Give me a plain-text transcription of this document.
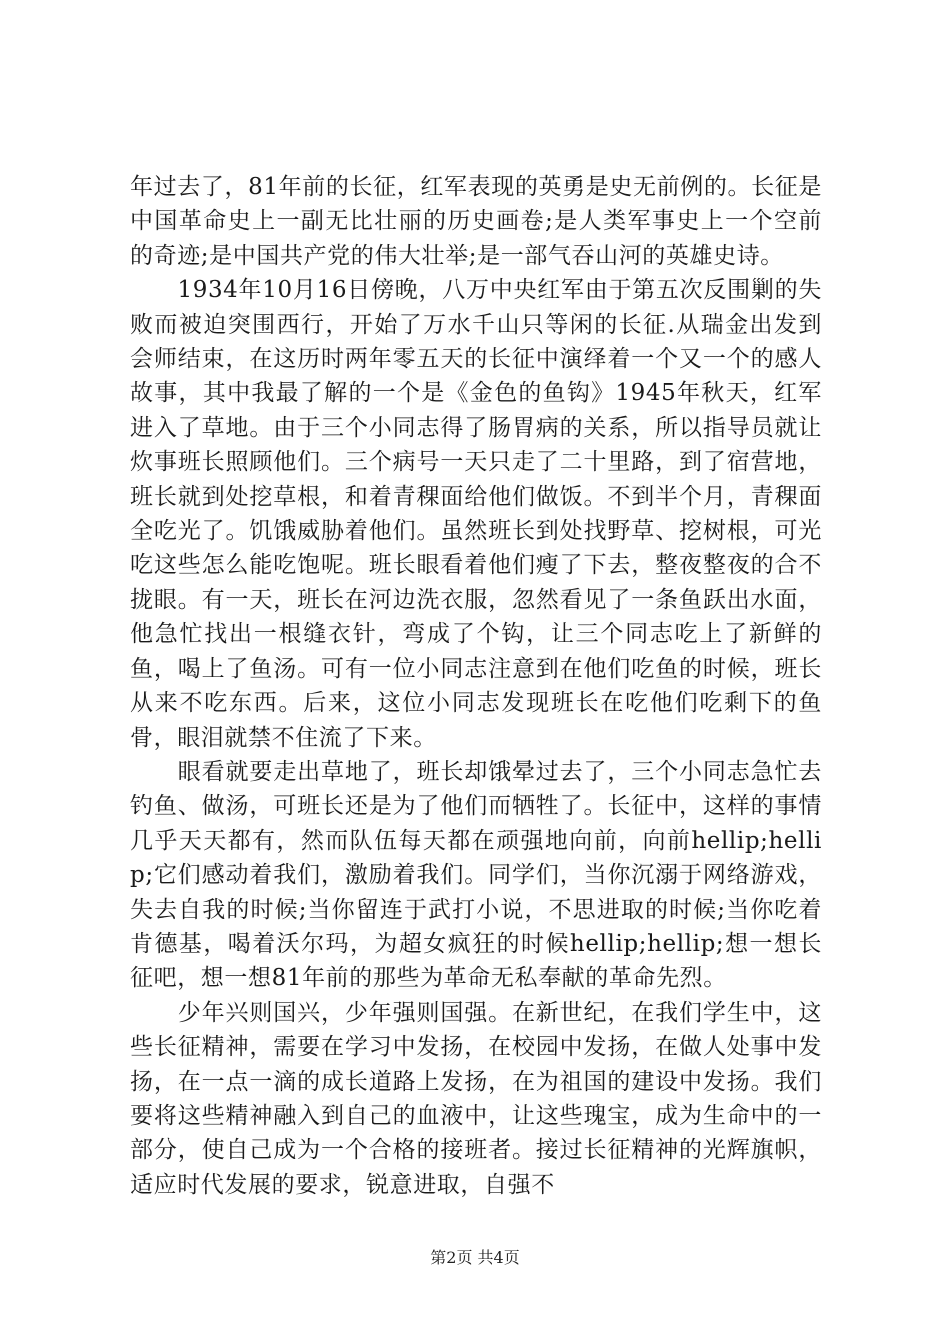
年过去了，81年前的长征，红军表现的英勇是史无前例的。长征是中国革命史上一副无比壮丽的历史画卷;是人类军事史上一个空前的奇迹;是中国共产党的伟大壮举;是一部气吞山河的英雄史诗。

　　1934年10月16日傍晚，八万中央红军由于第五次反围剿的失败而被迫突围西行，开始了万水千山只等闲的长征.从瑞金出发到会师结束，在这历时两年零五天的长征中演绎着一个又一个的感人故事，其中我最了解的一个是《金色的鱼钩》1945年秋天，红军进入了草地。由于三个小同志得了肠胃病的关系，所以指导员就让炊事班长照顾他们。三个病号一天只走了二十里路，到了宿营地，班长就到处挖草根，和着青稞面给他们做饭。不到半个月，青稞面全吃光了。饥饿威胁着他们。虽然班长到处找野草、挖树根，可光吃这些怎么能吃饱呢。班长眼看着他们瘦了下去，整夜整夜的合不拢眼。有一天，班长在河边洗衣服，忽然看见了一条鱼跃出水面，他急忙找出一根缝衣针，弯成了个钩，让三个同志吃上了新鲜的鱼，喝上了鱼汤。可有一位小同志注意到在他们吃鱼的时候，班长从来不吃东西。后来，这位小同志发现班长在吃他们吃剩下的鱼骨，眼泪就禁不住流了下来。

　　眼看就要走出草地了，班长却饿晕过去了，三个小同志急忙去钓鱼、做汤，可班长还是为了他们而牺牲了。长征中，这样的事情几乎天天都有，然而队伍每天都在顽强地向前，向前hellip;hellip;它们感动着我们，激励着我们。同学们，当你沉溺于网络游戏，失去自我的时候;当你留连于武打小说，不思进取的时候;当你吃着肯德基，喝着沃尔玛，为超女疯狂的时候hellip;hellip;想一想长征吧，想一想81年前的那些为革命无私奉献的革命先烈。

　　少年兴则国兴，少年强则国强。在新世纪，在我们学生中，这些长征精神，需要在学习中发扬，在校园中发扬，在做人处事中发扬，在一点一滴的成长道路上发扬，在为祖国的建设中发扬。我们要将这些精神融入到自己的血液中，让这些瑰宝，成为生命中的一部分，使自己成为一个合格的接班者。接过长征精神的光辉旗帜，适应时代发展的要求，锐意进取，自强不

第2页 共4页
